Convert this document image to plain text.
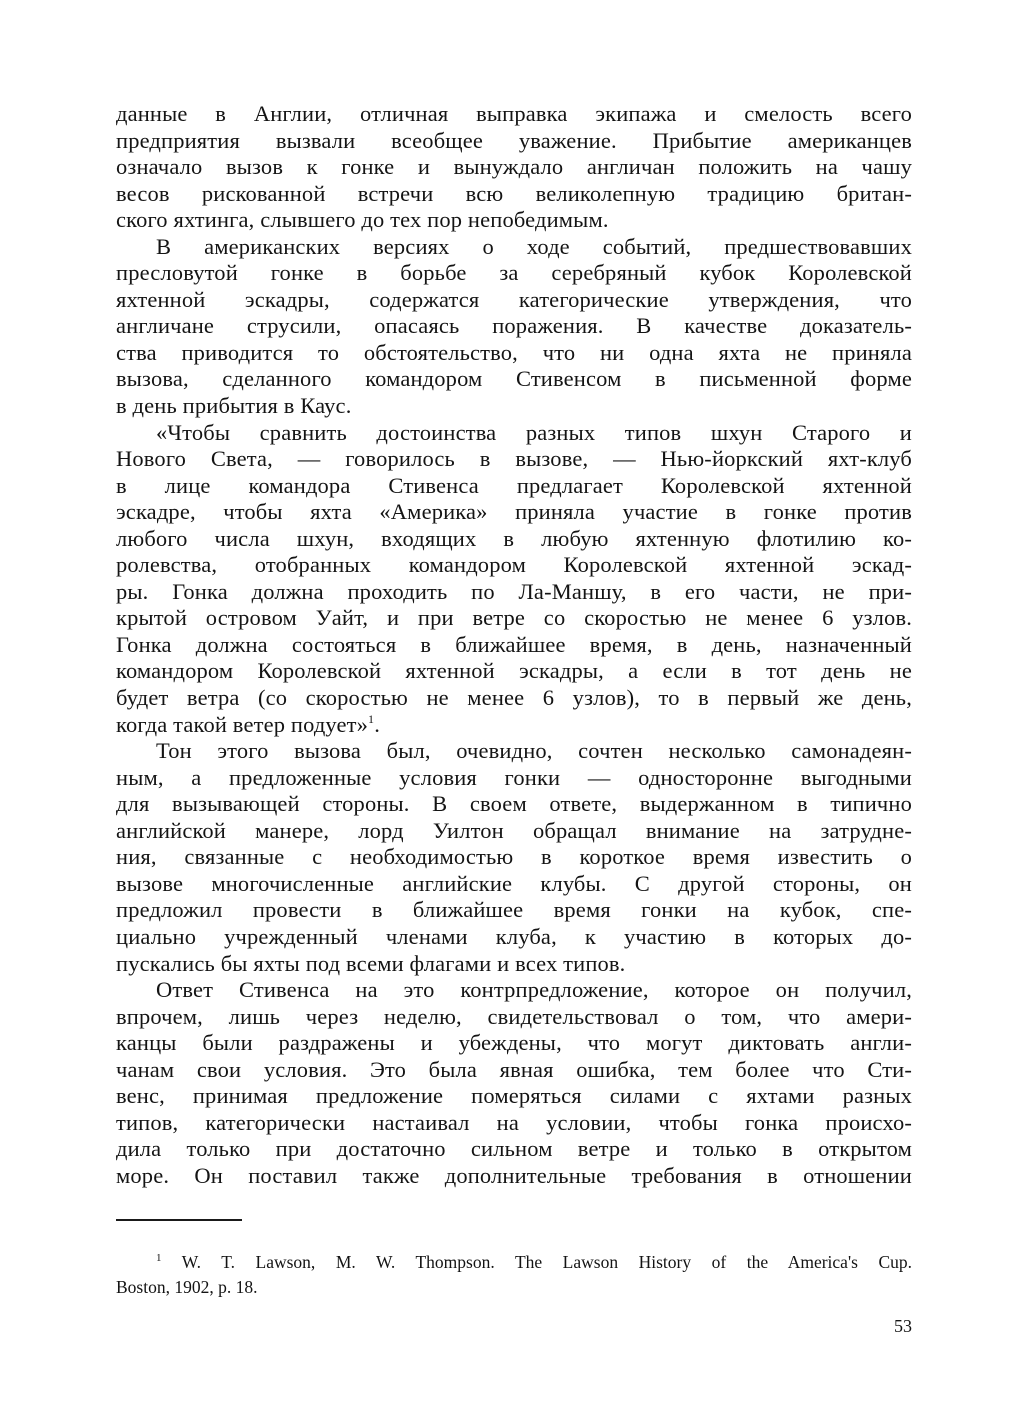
данные в Англии, отличная выправка экипажа и смелость всего
предприятия вызвали всеобщее уважение. Прибытие американцев
означало вызов к гонке и вынуждало англичан положить на чашу
весов рискованной встречи всю великолепную традицию британ-
ского яхтинга, слывшего до тех пор непобедимым.
В американских версиях о ходе событий, предшествовавших
пресловутой гонке в борьбе за серебряный кубок Королевской
яхтенной эскадры, содержатся категорические утверждения, что
англичане струсили, опасаясь поражения. В качестве доказатель-
ства приводится то обстоятельство, что ни одна яхта не приняла
вызова, сделанного командором Стивенсом в письменной форме
в день прибытия в Каус.
«Чтобы сравнить достоинства разных типов шхун Старого и
Нового Света, — говорилось в вызове, — Нью-йоркский яхт-клуб
в лице командора Стивенса предлагает Королевской яхтенной
эскадре, чтобы яхта «Америка» приняла участие в гонке против
любого числа шхун, входящих в любую яхтенную флотилию ко-
ролевства, отобранных командором Королевской яхтенной эскад-
ры. Гонка должна проходить по Ла-Маншу, в его части, не при-
крытой островом Уайт, и при ветре со скоростью не менее 6 узлов.
Гонка должна состояться в ближайшее время, в день, назначенный
командором Королевской яхтенной эскадры, а если в тот день не
будет ветра (со скоростью не менее 6 узлов), то в первый же день,
когда такой ветер подует»$^1$.
Тон этого вызова был, очевидно, сочтен несколько самонадеян-
ным, а предложенные условия гонки — односторонне выгодными
для вызывающей стороны. В своем ответе, выдержанном в типично
английской манере, лорд Уилтон обращал внимание на затрудне-
ния, связанные с необходимостью в короткое время известить о
вызове многочисленные английские клубы. С другой стороны, он
предложил провести в ближайшее время гонки на кубок, спе-
циально учрежденный членами клуба, к участию в которых до-
пускались бы яхты под всеми флагами и всех типов.
Ответ Стивенса на это контрпредложение, которое он получил,
впрочем, лишь через неделю, свидетельствовал о том, что амери-
канцы были раздражены и убеждены, что могут диктовать англи-
чанам свои условия. Это была явная ошибка, тем более что Сти-
венс, принимая предложение померяться силами с яхтами разных
типов, категорически настаивал на условии, чтобы гонка происхо-
дила только при достаточно сильном ветре и только в открытом
море. Он поставил также дополнительные требования в отношении
$^1$ W. T. Lawson, M. W. Thompson. The Lawson History of the America's Cup.
Boston, 1902, p. 18.
53
